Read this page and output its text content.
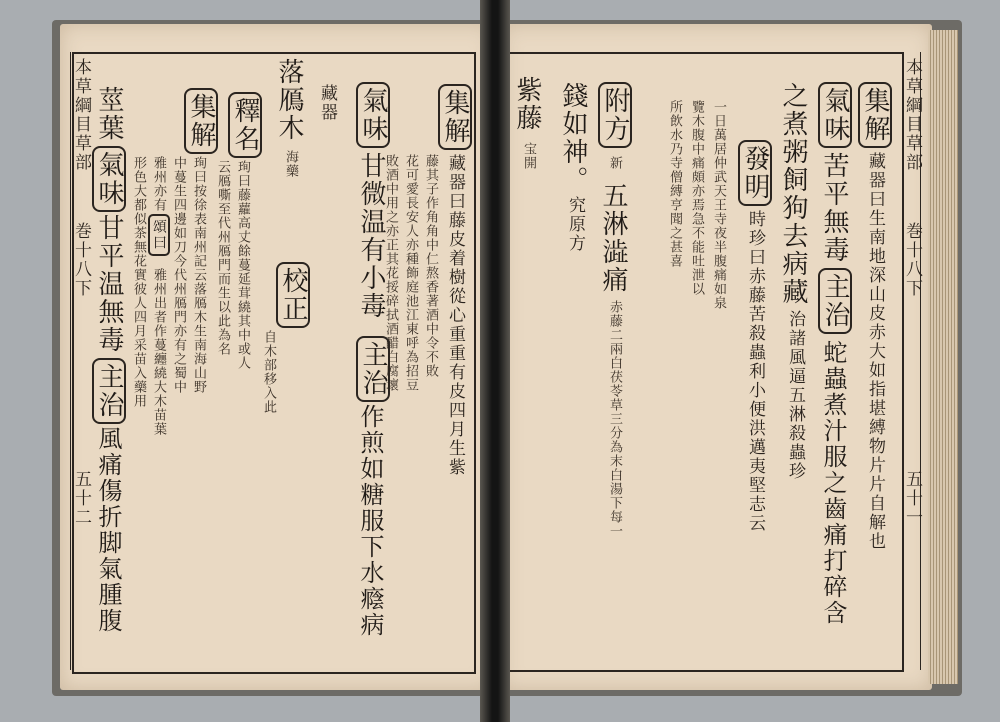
本草綱目草部
巻十八下
五十一
集解
藏器曰生南地深山皮赤大如指堪縛物片片自解也
氣味
苦平無毒
主治
蛇蟲煮汁服之齒痛打碎含
之煮粥飼狗去病藏
治諸風逼五淋殺蟲珍
發明
時珍曰赤藤苦殺蟲利小便洪邁夷堅志云
一日萬居仲武天王寺夜半腹痛如泉
覽木腹中痛頗亦焉急不能吐泄以
所飲水乃寺僧縛亨聞之甚喜
附方
新
五淋澁痛
赤藤二兩白茯苓草三分為末白湯下每一
錢如神。
究原方
紫藤
宝開
本草綱目草部
巻十八下
五十二
集解
藏器曰藤皮着樹從心重重有皮四月生紫
藤其子作角角中仁熬香著酒中令不敗
花可愛長安人亦種飾庭池江東呼為招豆
敗酒中用之亦正其花挼碎拭酒醋白腐壞
氣味
甘微温有小毒
主治
作煎如糖服下水癊病
藏器
落鴈木
海藥
校正
自木部移入此
釋名
珣曰藤蘿高丈餘蔓延茸繞其中或人
云鴈嘶至代州鴈門而生以此為名
集解
珣曰按徐表南州記云落鴈木生南海山野
中蔓生四邊如刀今代州鴈門亦有之蜀中
雅州亦有
頌曰
雅州出者作蔓纏繞大木苗葉
形色大都似茶無花實彼人四月采苗入藥用
莖葉
氣味
甘平温無毒
主治
風痛傷折脚氣腫腹
